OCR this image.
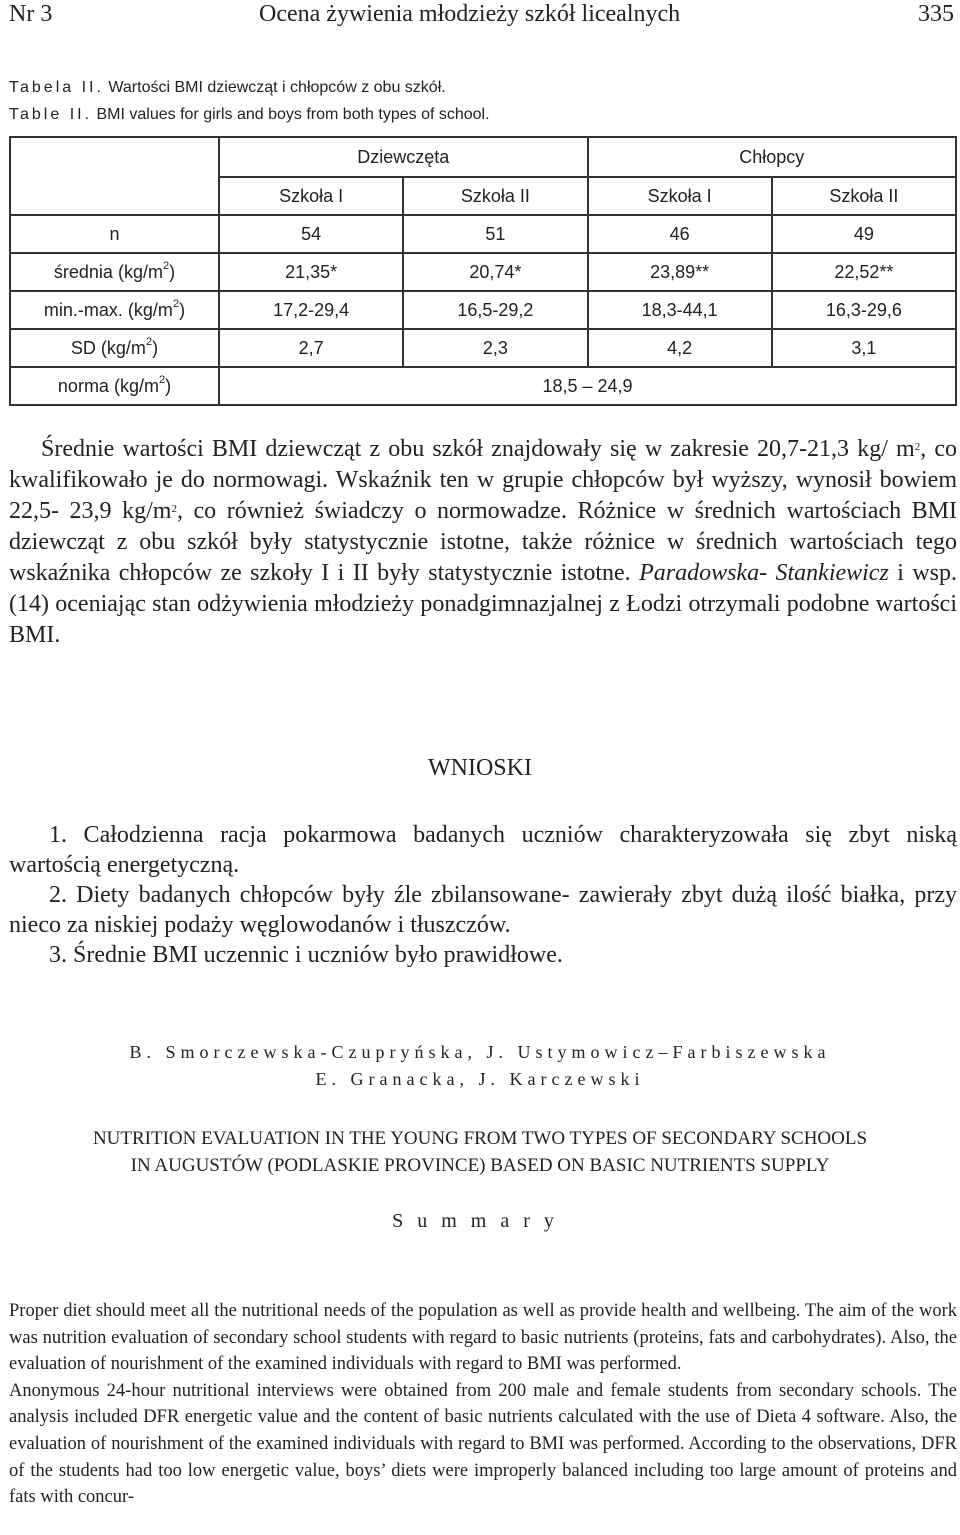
Nr 3	Ocena żywienia młodzieży szkół licealnych	335
Tabela II. Wartości BMI dziewcząt i chłopców z obu szkół.
Table II. BMI values for girls and boys from both types of school.
	Dziewczęta		Chłopcy	
	Szkoła I	Szkoła II	Szkoła I	Szkoła II
n	54	51	46	49
średnia $(kg/m^2)$	21,35*	20,74*	23,89**	22,52**
min.-max. $(kg/m^2)$	17,2-29,4	16,5-29,2	18,3-44,1	16,3-29,6
SD $(kg/m^2)$	2,7	2,3	4,2	3,1
norma $(kg/m^2)$	18,5 – 24,9			

Średnie wartości BMI dziewcząt z obu szkół znajdowały się w zakresie 20,7-21,3 kg/ $m^2$, co kwalifikowało je do normowagi. Wskaźnik ten w grupie chłopców był wyższy, wynosił bowiem 22,5- 23,9 $kg/m^2$, co również świadczy o normowadze. Różnice w średnich wartościach BMI dziewcząt z obu szkół były statystycznie istotne, także różnice w średnich wartościach tego wskaźnika chłopców ze szkoły I i II były statystycznie istotne. Paradowska- Stankiewicz i wsp. (14) oceniając stan odżywienia młodzieży ponadgimnazjalnej z Łodzi otrzymali podobne wartości BMI.

WNIOSKI

1. Całodzienna racja pokarmowa badanych uczniów charakteryzowała się zbyt niską wartością energetyczną.

2. Diety badanych chłopców były źle zbilansowane- zawierały zbyt dużą ilość białka, przy nieco za niskiej podaży węglowodanów i tłuszczów.

3. Średnie BMI uczennic i uczniów było prawidłowe.

B. Smorczewska-Czupryńska, J. Ustymowicz–Farbiszewska
E. Granacka, J. Karczewski
NUTRITION EVALUATION IN THE YOUNG FROM TWO TYPES OF SECONDARY SCHOOLS
IN AUGUSTÓW (PODLASKIE PROVINCE) BASED ON BASIC NUTRIENTS SUPPLY
Summary

Proper diet should meet all the nutritional needs of the population as well as provide health and wellbeing. The aim of the work was nutrition evaluation of secondary school students with regard to basic nutrients (proteins, fats and carbohydrates). Also, the evaluation of nourishment of the examined individuals with regard to BMI was performed.

Anonymous 24-hour nutritional interviews were obtained from 200 male and female students from secondary schools. The analysis included DFR energetic value and the content of basic nutrients calculated with the use of Dieta 4 software. Also, the evaluation of nourishment of the examined individuals with regard to BMI was performed. According to the observations, DFR of the students had too low energetic value, boys’ diets were improperly balanced including too large amount of proteins and fats with concur-
